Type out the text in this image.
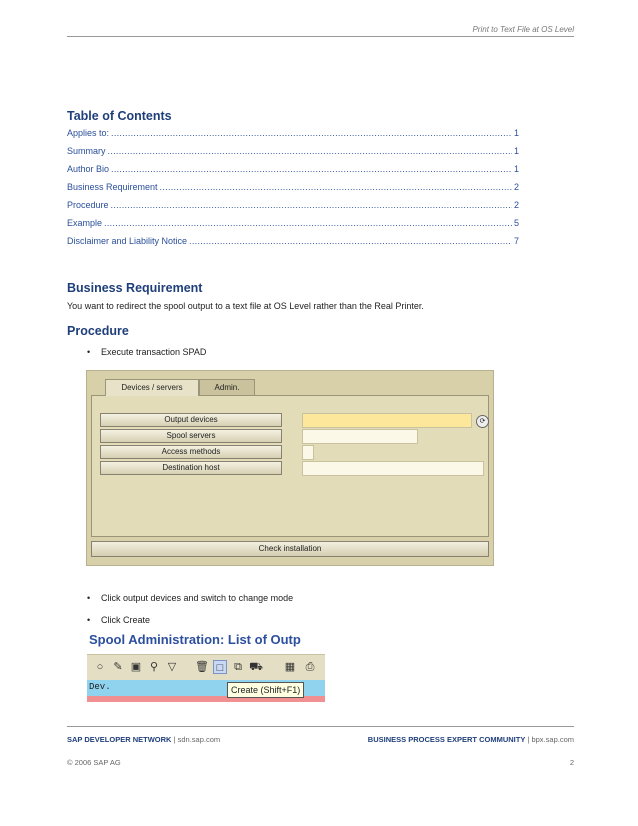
Print to Text File at OS Level
Table of Contents
Applies to: .....	1
Summary .....	1
Author Bio .....	1
Business Requirement .....	2
Procedure .....	2
Example .....	5
Disclaimer and Liability Notice .....	7
Business Requirement
You want to redirect the spool output to a text file at OS Level rather than the Real Printer.
Procedure
• Execute transaction SPAD
Devices / servers	Admin.
Output devices
Spool servers
Access methods
Destination host
⟳
Check installation
• Click output devices and switch to change mode
• Click Create
Spool Administration: List of Outp
○ ✎ ▣ ⚲ ▽ 🗑 □ ⧉ ⛟ ▦ ⎙
Dev.	Create (Shift+F1)
SAP DEVELOPER NETWORK | sdn.sap.com	BUSINESS PROCESS EXPERT COMMUNITY | bpx.sap.com
© 2006 SAP AG	2
